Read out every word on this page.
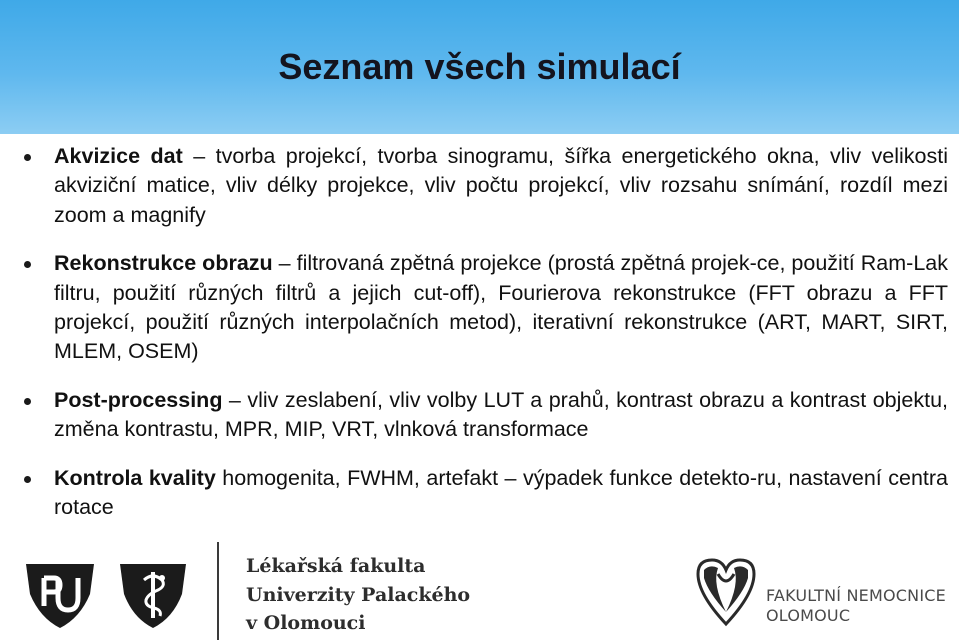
Seznam všech simulací
Akvizice dat – tvorba projekcí, tvorba sinogramu, šířka energetického okna, vliv velikosti akviziční matice, vliv délky projekce, vliv počtu projekcí, vliv rozsahu snímání, rozdíl mezi zoom a magnify
Rekonstrukce obrazu – filtrovaná zpětná projekce (prostá zpětná projek-ce, použití Ram-Lak filtru, použití různých filtrů a jejich cut-off), Fourierova rekonstrukce (FFT obrazu a FFT projekcí, použití různých interpolačních metod), iterativní rekonstrukce (ART, MART, SIRT, MLEM, OSEM)
Post-processing – vliv zeslabení, vliv volby LUT a prahů, kontrast obrazu a kontrast objektu, změna kontrastu, MPR, MIP, VRT, vlnková transformace
Kontrola kvality homogenita, FWHM, artefakt – výpadek funkce detekto-ru, nastavení centra rotace
UP
Lékařská fakulta
Univerzity Palackého
v Olomouci
FAKULTNÍ NEMOCNICE
OLOMOUC
